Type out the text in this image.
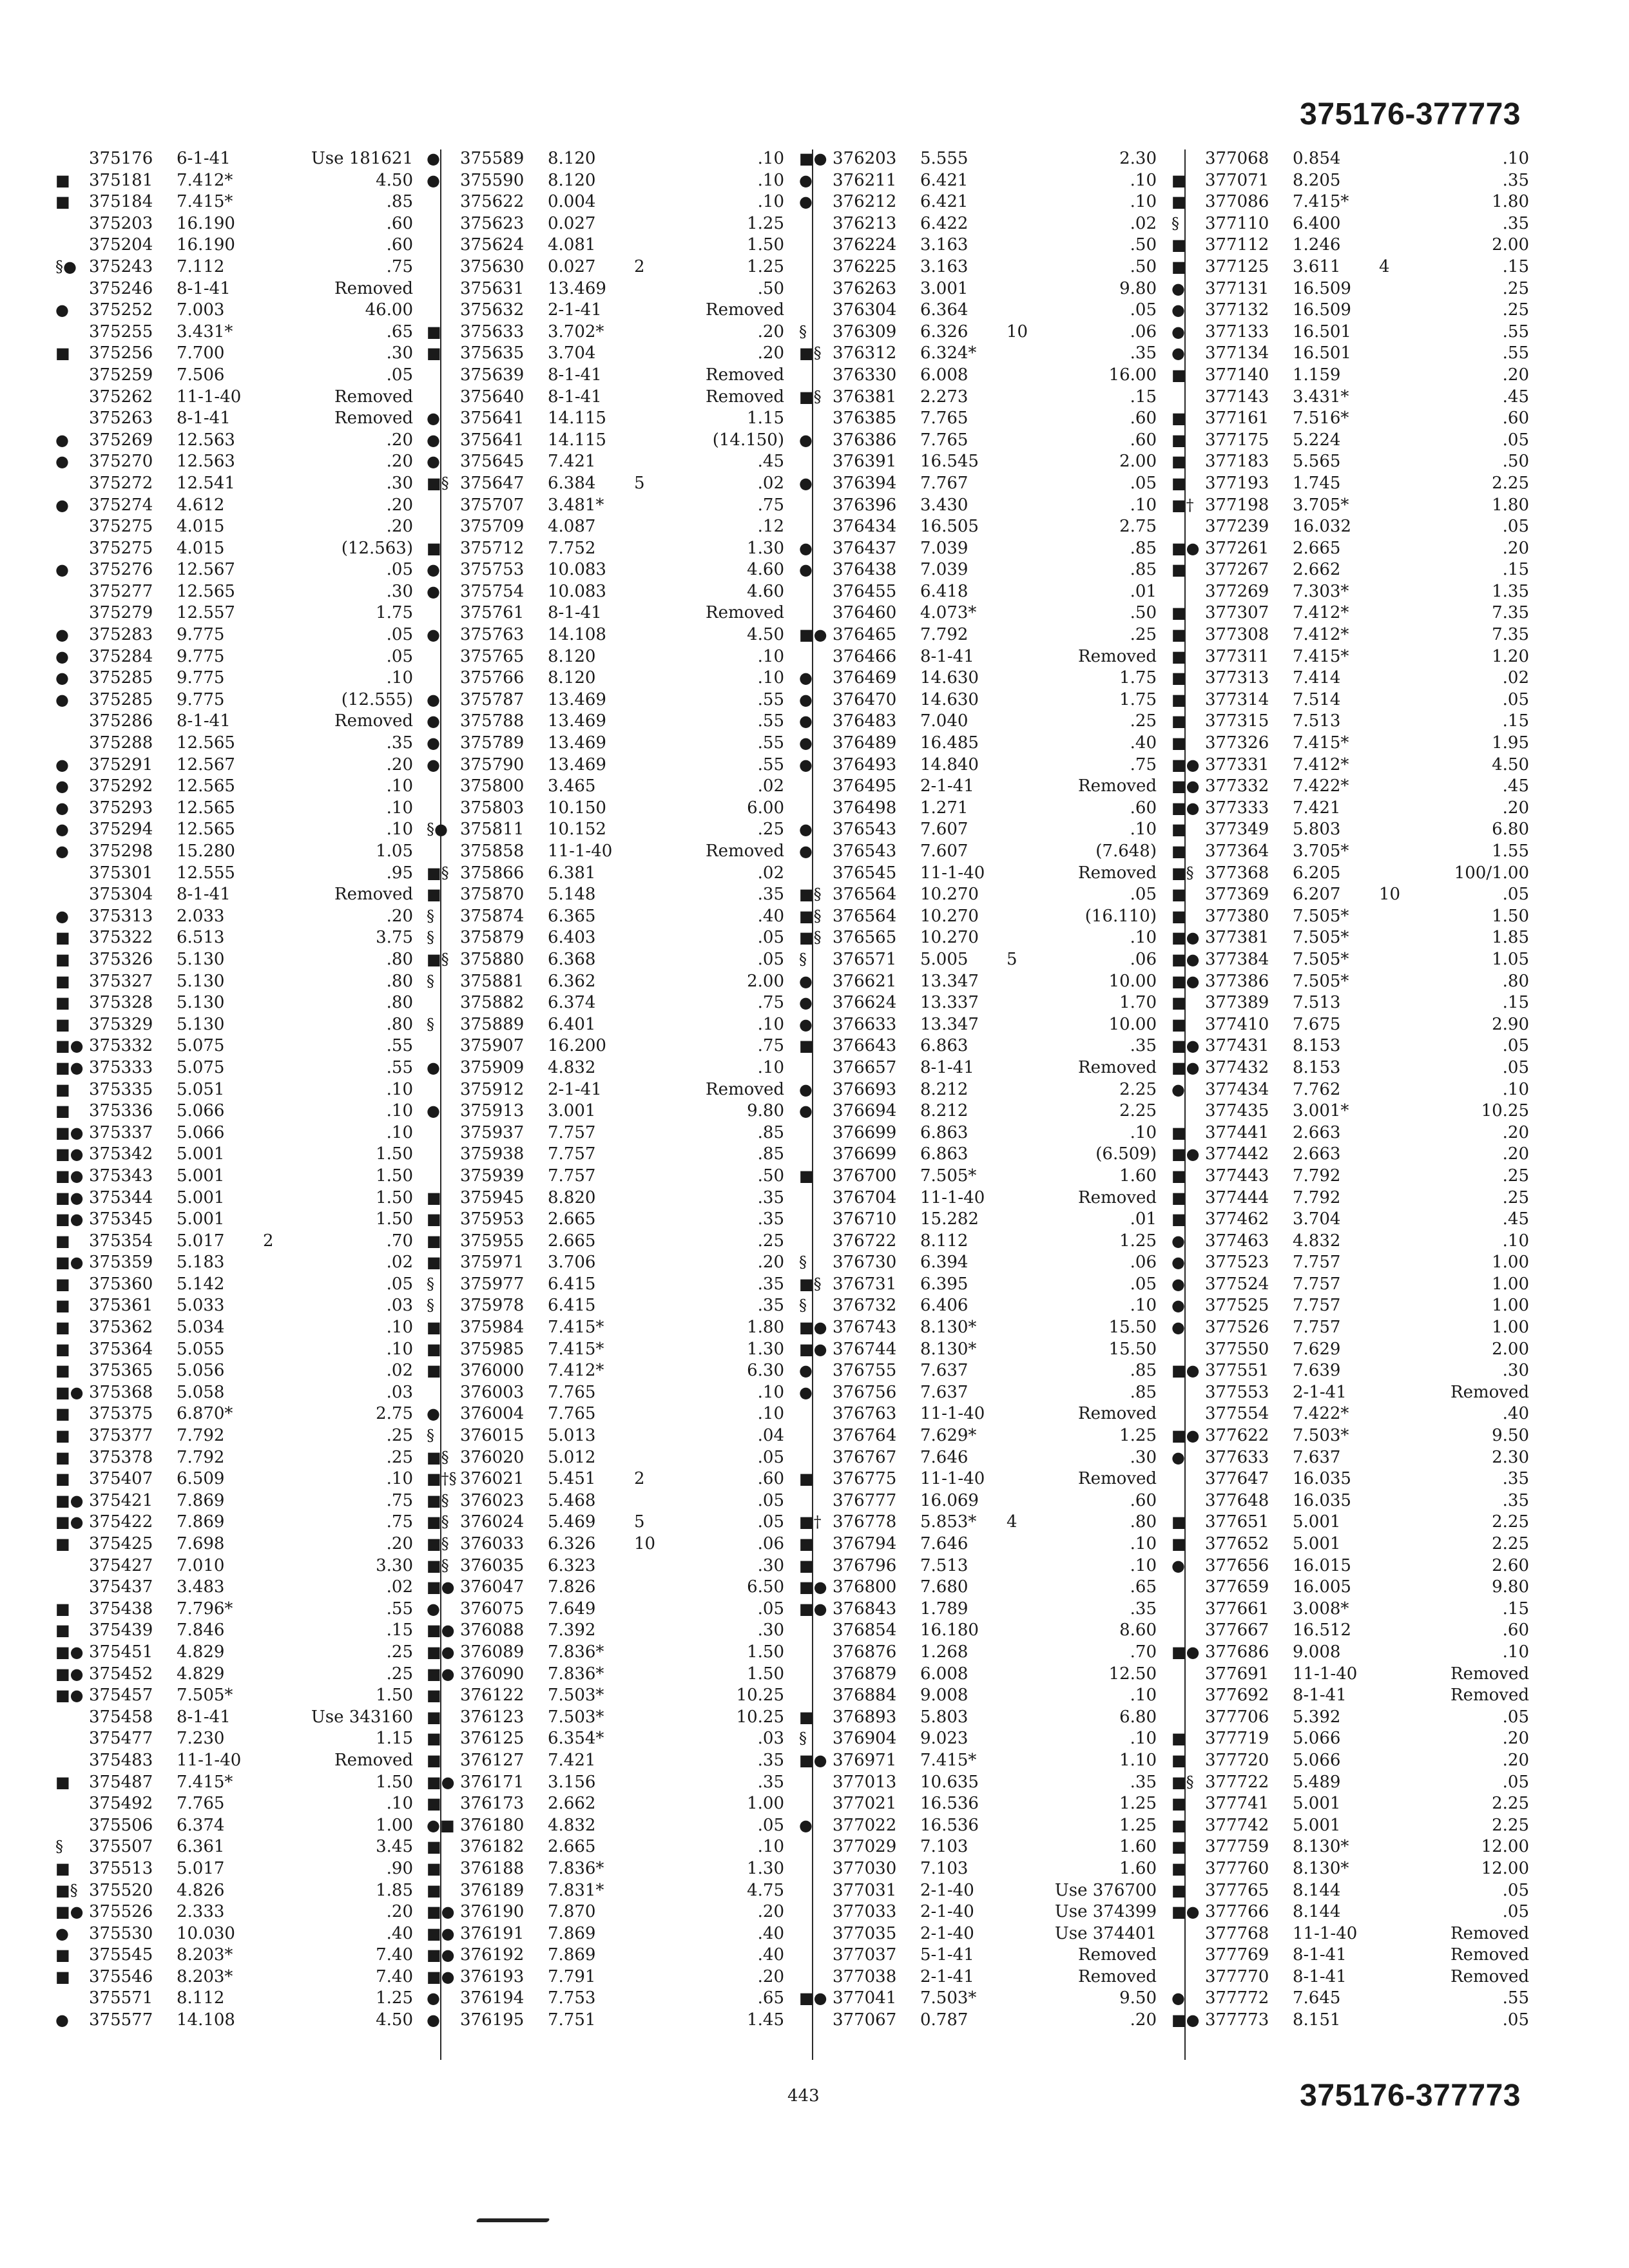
375176-377773
375176 6-1-41	Use 181621
■ 375181 7.412*	4.50
■ 375184 7.415*	.85
375203 16.190	.60
375204 16.190	.60
§● 375243 7.112	.75
375246 8-1-41	Removed
● 375252 7.003	46.00
375255 3.431*	.65
■ 375256 7.700	.30
375259 7.506	.05
375262 11-1-40	Removed
375263 8-1-41	Removed
● 375269 12.563	.20
● 375270 12.563	.20
375272 12.541	.30
● 375274 4.612	.20
375275 4.015	.20
375275 4.015	(12.563)
● 375276 12.567	.05
375277 12.565	.30
375279 12.557	1.75
● 375283 9.775	.05
● 375284 9.775	.05
● 375285 9.775	.10
● 375285 9.775	(12.555)
375286 8-1-41	Removed
375288 12.565	.35
● 375291 12.567	.20
● 375292 12.565	.10
● 375293 12.565	.10
● 375294 12.565	.10
● 375298 15.280	1.05
375301 12.555	.95
375304 8-1-41	Removed
● 375313 2.033	.20
■ 375322 6.513	3.75
■ 375326 5.130	.80
■ 375327 5.130	.80
■ 375328 5.130	.80
■ 375329 5.130	.80
■● 375332 5.075	.55
■● 375333 5.075	.55
■ 375335 5.051	.10
■ 375336 5.066	.10
■● 375337 5.066	.10
■● 375342 5.001	1.50
■● 375343 5.001	1.50
■● 375344 5.001	1.50
■● 375345 5.001	1.50
■ 375354 5.017 2	.70
■● 375359 5.183	.02
■ 375360 5.142	.05
■ 375361 5.033	.03
■ 375362 5.034	.10
■ 375364 5.055	.10
■ 375365 5.056	.02
■● 375368 5.058	.03
■ 375375 6.870*	2.75
■ 375377 7.792	.25
■ 375378 7.792	.25
■ 375407 6.509	.10
■● 375421 7.869	.75
■● 375422 7.869	.75
■ 375425 7.698	.20
375427 7.010	3.30
375437 3.483	.02
■ 375438 7.796*	.55
■ 375439 7.846	.15
■● 375451 4.829	.25
■● 375452 4.829	.25
■● 375457 7.505*	1.50
375458 8-1-41	Use 343160
375477 7.230	1.15
375483 11-1-40	Removed
■ 375487 7.415*	1.50
375492 7.765	.10
375506 6.374	1.00
§ 375507 6.361	3.45
■ 375513 5.017	.90
■§ 375520 4.826	1.85
■● 375526 2.333	.20
● 375530 10.030	.40
■ 375545 8.203*	7.40
■ 375546 8.203*	7.40
375571 8.112	1.25
● 375577 14.108	4.50
● 375589 8.120	.10
● 375590 8.120	.10
375622 0.004	.10
375623 0.027	1.25
375624 4.081	1.50
375630 0.027 2	1.25
375631 13.469	.50
375632 2-1-41	Removed
■ 375633 3.702*	.20
■ 375635 3.704	.20
375639 8-1-41	Removed
375640 8-1-41	Removed
● 375641 14.115	1.15
● 375641 14.115	(14.150)
● 375645 7.421	.45
■§ 375647 6.384 5	.02
375707 3.481*	.75
375709 4.087	.12
■ 375712 7.752	1.30
● 375753 10.083	4.60
● 375754 10.083	4.60
375761 8-1-41	Removed
● 375763 14.108	4.50
375765 8.120	.10
375766 8.120	.10
● 375787 13.469	.55
● 375788 13.469	.55
● 375789 13.469	.55
● 375790 13.469	.55
375800 3.465	.02
375803 10.150	6.00
§● 375811 10.152	.25
375858 11-1-40	Removed
■§ 375866 6.381	.02
■ 375870 5.148	.35
§ 375874 6.365	.40
§ 375879 6.403	.05
■§ 375880 6.368	.05
§ 375881 6.362	2.00
375882 6.374	.75
§ 375889 6.401	.10
375907 16.200	.75
● 375909 4.832	.10
375912 2-1-41	Removed
● 375913 3.001	9.80
375937 7.757	.85
375938 7.757	.85
375939 7.757	.50
■ 375945 8.820	.35
■ 375953 2.665	.35
■ 375955 2.665	.25
■ 375971 3.706	.20
§ 375977 6.415	.35
§ 375978 6.415	.35
■ 375984 7.415*	1.80
■ 375985 7.415*	1.30
■ 376000 7.412*	6.30
376003 7.765	.10
● 376004 7.765	.10
§ 376015 5.013	.04
■§ 376020 5.012	.05
■†§ 376021 5.451 2	.60
■§ 376023 5.468	.05
■§ 376024 5.469 5	.05
■§ 376033 6.326 10	.06
■§ 376035 6.323	.30
■● 376047 7.826	6.50
● 376075 7.649	.05
■● 376088 7.392	.30
■● 376089 7.836*	1.50
■● 376090 7.836*	1.50
■ 376122 7.503*	10.25
■ 376123 7.503*	10.25
■ 376125 6.354*	.03
■ 376127 7.421	.35
■● 376171 3.156	.35
■ 376173 2.662	1.00
●■ 376180 4.832	.05
■ 376182 2.665	.10
■ 376188 7.836*	1.30
■ 376189 7.831*	4.75
■● 376190 7.870	.20
■● 376191 7.869	.40
■● 376192 7.869	.40
■● 376193 7.791	.20
● 376194 7.753	.65
● 376195 7.751	1.45
■● 376203 5.555	2.30
● 376211 6.421	.10
● 376212 6.421	.10
376213 6.422	.02
376224 3.163	.50
376225 3.163	.50
376263 3.001	9.80
376304 6.364	.05
§ 376309 6.326 10	.06
■§ 376312 6.324*	.35
376330 6.008	16.00
■§ 376381 2.273	.15
376385 7.765	.60
● 376386 7.765	.60
376391 16.545	2.00
● 376394 7.767	.05
376396 3.430	.10
376434 16.505	2.75
● 376437 7.039	.85
● 376438 7.039	.85
376455 6.418	.01
376460 4.073*	.50
■● 376465 7.792	.25
376466 8-1-41	Removed
● 376469 14.630	1.75
● 376470 14.630	1.75
● 376483 7.040	.25
● 376489 16.485	.40
● 376493 14.840	.75
376495 2-1-41	Removed
376498 1.271	.60
● 376543 7.607	.10
● 376543 7.607	(7.648)
376545 11-1-40	Removed
■§ 376564 10.270	.05
■§ 376564 10.270	(16.110)
■§ 376565 10.270	.10
§ 376571 5.005 5	.06
● 376621 13.347	10.00
● 376624 13.337	1.70
● 376633 13.347	10.00
■ 376643 6.863	.35
376657 8-1-41	Removed
● 376693 8.212	2.25
● 376694 8.212	2.25
376699 6.863	.10
376699 6.863	(6.509)
■ 376700 7.505*	1.60
376704 11-1-40	Removed
376710 15.282	.01
376722 8.112	1.25
§ 376730 6.394	.06
■§ 376731 6.395	.05
§ 376732 6.406	.10
■● 376743 8.130*	15.50
■● 376744 8.130*	15.50
● 376755 7.637	.85
● 376756 7.637	.85
376763 11-1-40	Removed
376764 7.629*	1.25
376767 7.646	.30
■ 376775 11-1-40	Removed
376777 16.069	.60
■† 376778 5.853* 4	.80
■ 376794 7.646	.10
■ 376796 7.513	.10
■● 376800 7.680	.65
■● 376843 1.789	.35
376854 16.180	8.60
376876 1.268	.70
376879 6.008	12.50
376884 9.008	.10
■ 376893 5.803	6.80
§ 376904 9.023	.10
■● 376971 7.415*	1.10
377013 10.635	.35
377021 16.536	1.25
● 377022 16.536	1.25
377029 7.103	1.60
377030 7.103	1.60
377031 2-1-40	Use 376700
377033 2-1-40	Use 374399
377035 2-1-40	Use 374401
377037 5-1-41	Removed
377038 2-1-41	Removed
■● 377041 7.503*	9.50
377067 0.787	.20
377068 0.854	.10
■ 377071 8.205	.35
■ 377086 7.415*	1.80
§ 377110 6.400	.35
■ 377112 1.246	2.00
■ 377125 3.611 4	.15
● 377131 16.509	.25
● 377132 16.509	.25
● 377133 16.501	.55
● 377134 16.501	.55
■ 377140 1.159	.20
377143 3.431*	.45
■ 377161 7.516*	.60
■ 377175 5.224	.05
■ 377183 5.565	.50
■ 377193 1.745	2.25
■† 377198 3.705*	1.80
377239 16.032	.05
■● 377261 2.665	.20
■ 377267 2.662	.15
377269 7.303*	1.35
■ 377307 7.412*	7.35
■ 377308 7.412*	7.35
■ 377311 7.415*	1.20
■ 377313 7.414	.02
■ 377314 7.514	.05
■ 377315 7.513	.15
■ 377326 7.415*	1.95
■● 377331 7.412*	4.50
■● 377332 7.422*	.45
■● 377333 7.421	.20
■ 377349 5.803	6.80
■ 377364 3.705*	1.55
■§ 377368 6.205	100/1.00
■ 377369 6.207 10	.05
■ 377380 7.505*	1.50
■● 377381 7.505*	1.85
■● 377384 7.505*	1.05
■● 377386 7.505*	.80
■ 377389 7.513	.15
■ 377410 7.675	2.90
■● 377431 8.153	.05
■● 377432 8.153	.05
● 377434 7.762	.10
377435 3.001*	10.25
■ 377441 2.663	.20
■● 377442 2.663	.20
■ 377443 7.792	.25
■ 377444 7.792	.25
■ 377462 3.704	.45
● 377463 4.832	.10
● 377523 7.757	1.00
● 377524 7.757	1.00
● 377525 7.757	1.00
● 377526 7.757	1.00
377550 7.629	2.00
■● 377551 7.639	.30
377553 2-1-41	Removed
377554 7.422*	.40
■● 377622 7.503*	9.50
● 377633 7.637	2.30
377647 16.035	.35
377648 16.035	.35
■ 377651 5.001	2.25
■ 377652 5.001	2.25
● 377656 16.015	2.60
377659 16.005	9.80
377661 3.008*	.15
377667 16.512	.60
■● 377686 9.008	.10
377691 11-1-40	Removed
377692 8-1-41	Removed
377706 5.392	.05
■ 377719 5.066	.20
■ 377720 5.066	.20
■§ 377722 5.489	.05
■ 377741 5.001	2.25
■ 377742 5.001	2.25
■ 377759 8.130*	12.00
■ 377760 8.130*	12.00
■ 377765 8.144	.05
■● 377766 8.144	.05
377768 11-1-40	Removed
377769 8-1-41	Removed
377770 8-1-41	Removed
● 377772 7.645	.55
■● 377773 8.151	.05
443	375176-377773
